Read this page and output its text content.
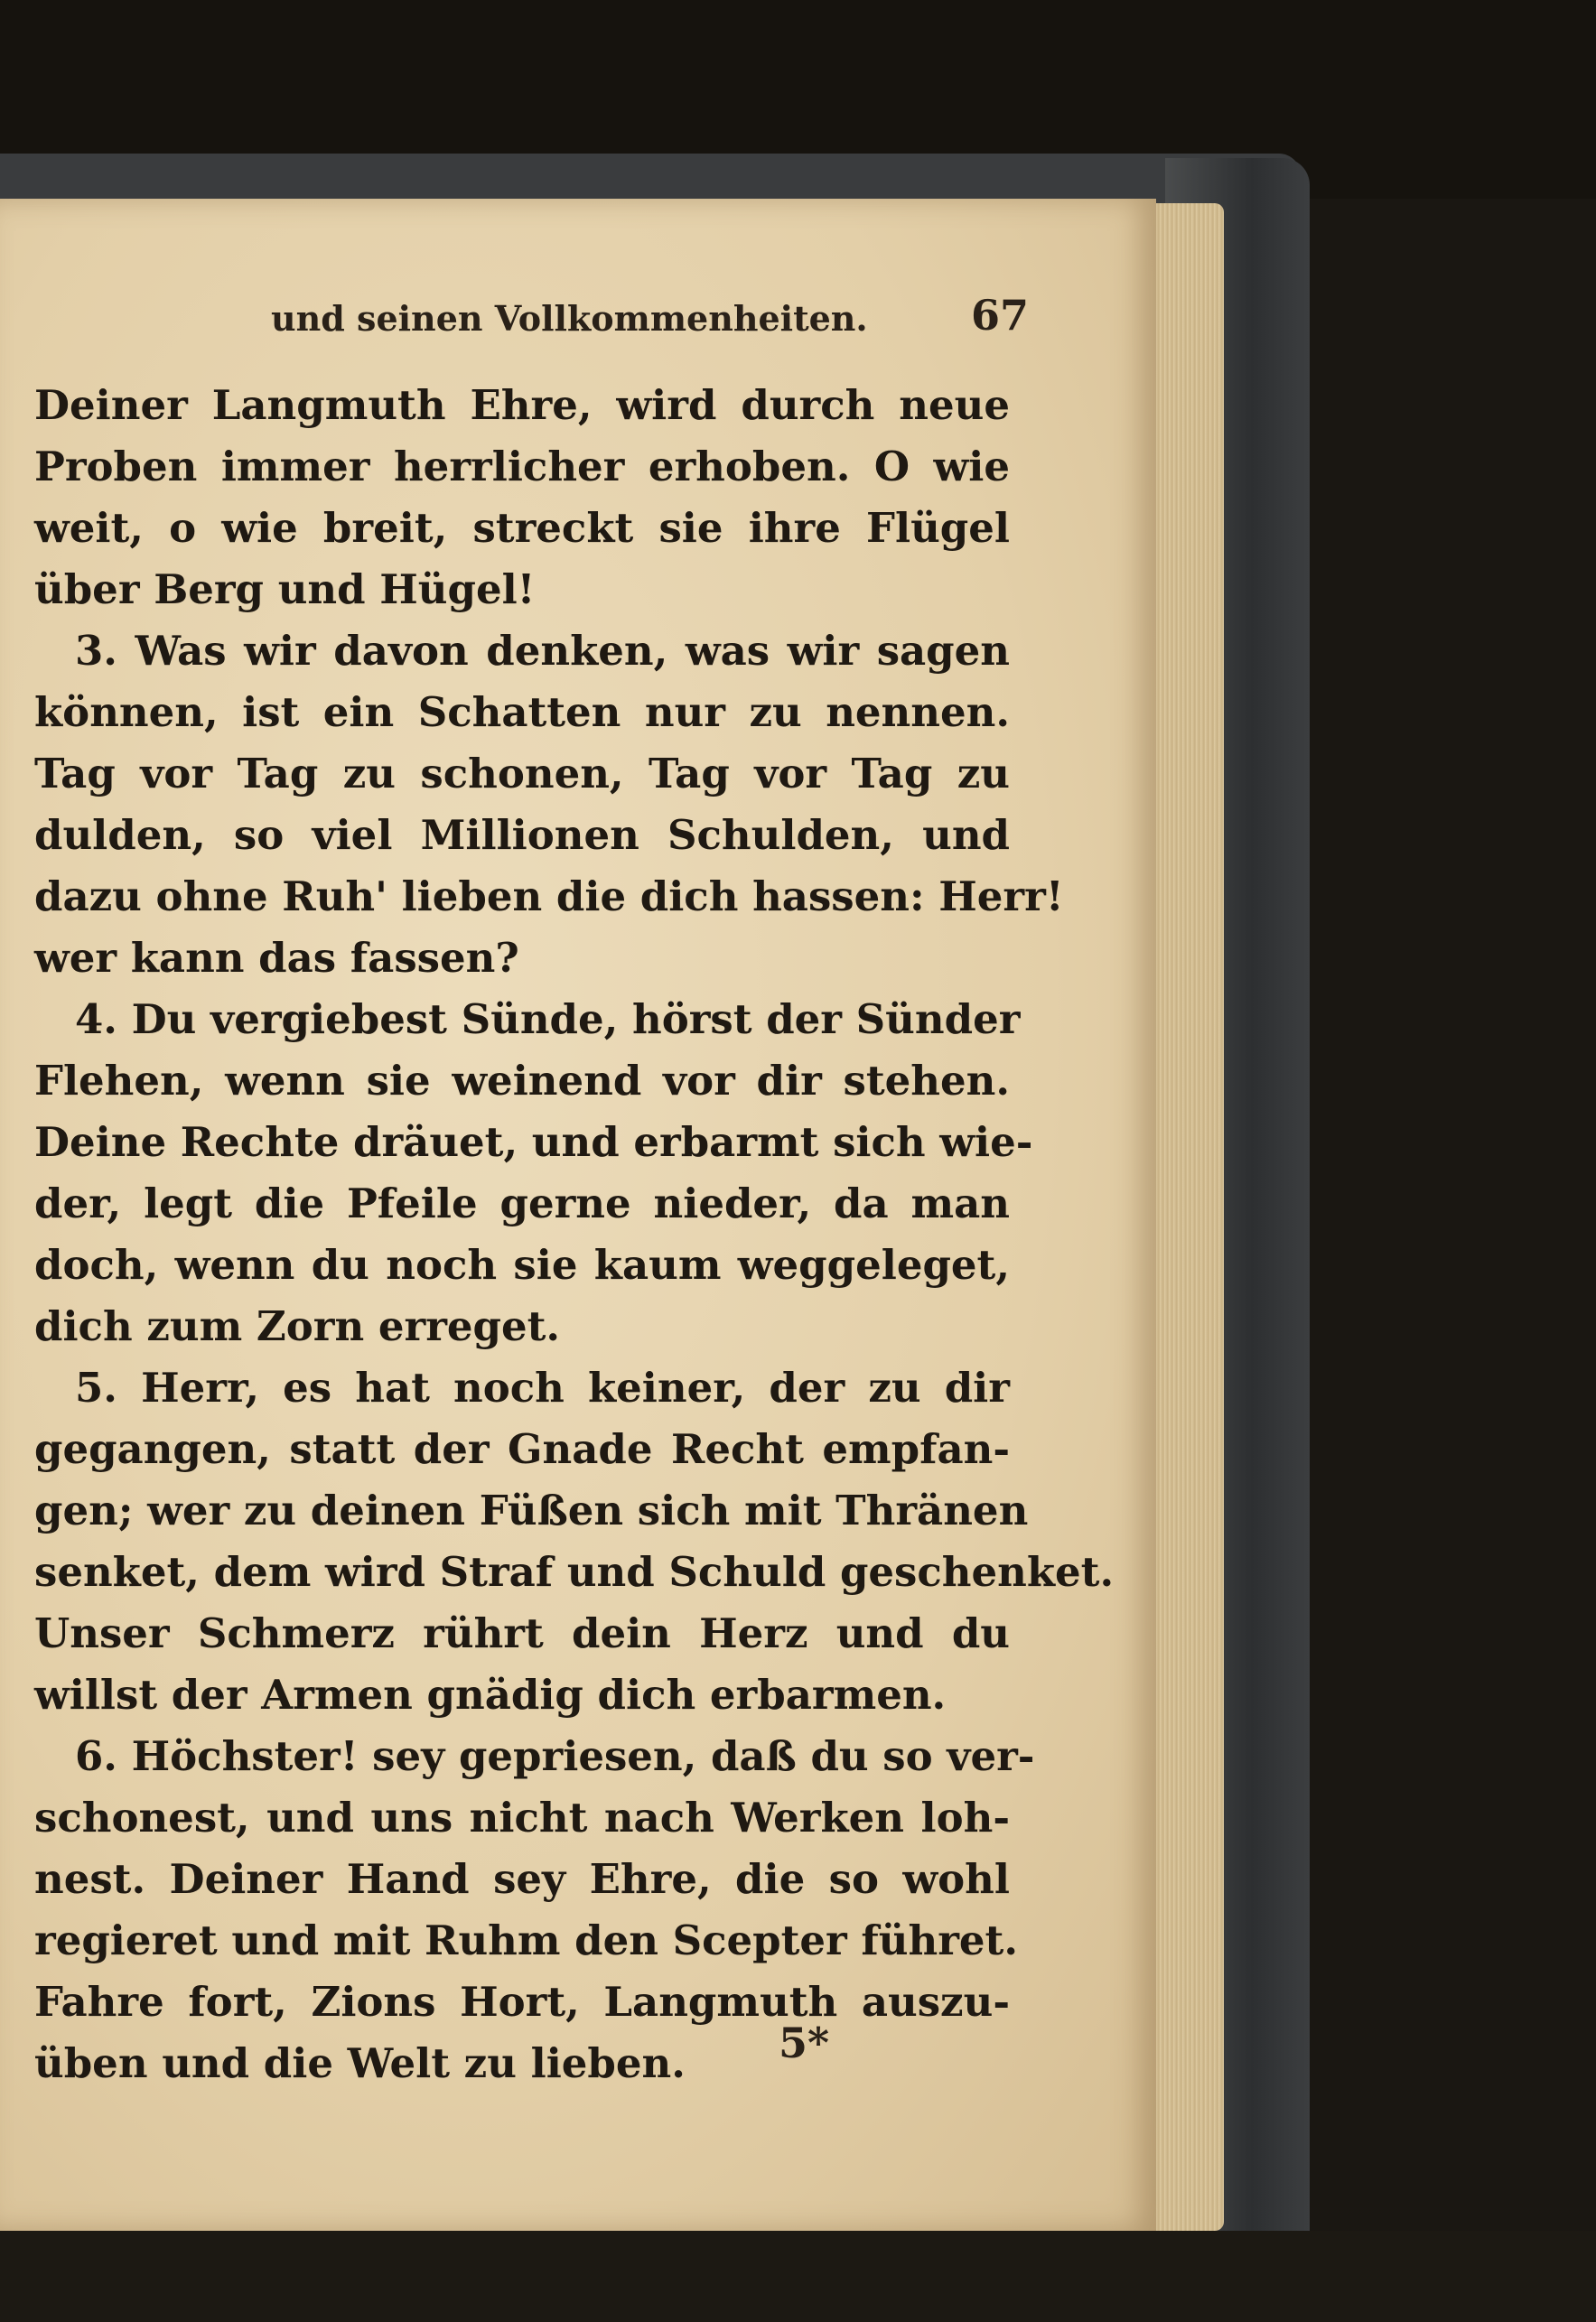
und seinen Vollkommenheiten. 67
Deiner Langmuth Ehre, wird durch neue
Proben immer herrlicher erhoben. O wie
weit, o wie breit, streckt sie ihre Flügel
über Berg und Hügel!
3. Was wir davon denken, was wir sagen
können, ist ein Schatten nur zu nennen.
Tag vor Tag zu schonen, Tag vor Tag zu
dulden, so viel Millionen Schulden, und
dazu ohne Ruh' lieben die dich hassen: Herr!
wer kann das fassen?
4. Du vergiebest Sünde, hörst der Sünder
Flehen, wenn sie weinend vor dir stehen.
Deine Rechte dräuet, und erbarmt sich wie-
der, legt die Pfeile gerne nieder, da man
doch, wenn du noch sie kaum weggeleget,
dich zum Zorn erreget.
5. Herr, es hat noch keiner, der zu dir
gegangen, statt der Gnade Recht empfan-
gen; wer zu deinen Füßen sich mit Thränen
senket, dem wird Straf und Schuld geschenket.
Unser Schmerz rührt dein Herz und du
willst der Armen gnädig dich erbarmen.
6. Höchster! sey gepriesen, daß du so ver-
schonest, und uns nicht nach Werken loh-
nest. Deiner Hand sey Ehre, die so wohl
regieret und mit Ruhm den Scepter führet.
Fahre fort, Zions Hort, Langmuth auszu-
üben und die Welt zu lieben.	5*
